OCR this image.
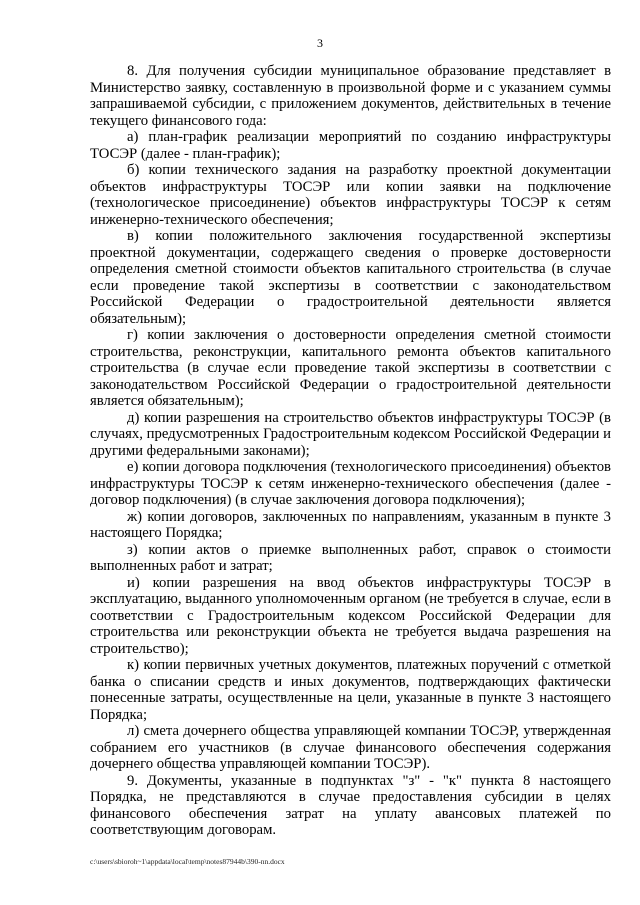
3

8. Для получения субсидии муниципальное образование представляет в Министерство заявку, составленную в произвольной форме и с указанием суммы запрашиваемой субсидии, с приложением документов, действительных в течение текущего финансового года:

а) план-график реализации мероприятий по созданию инфраструктуры ТОСЭР (далее - план-график);

б) копии технического задания на разработку проектной документации объектов инфраструктуры ТОСЭР или копии заявки на подключение (технологическое присоединение) объектов инфраструктуры ТОСЭР к сетям инженерно-технического обеспечения;

в) копии положительного заключения государственной экспертизы проектной документации, содержащего сведения о проверке достоверности определения сметной стоимости объектов капитального строительства (в случае если проведение такой экспертизы в соответствии с законодательством Российской Федерации о градостроительной деятельности является обязательным);

г) копии заключения о достоверности определения сметной стоимости строительства, реконструкции, капитального ремонта объектов капитального строительства (в случае если проведение такой экспертизы в соответствии с законодательством Российской Федерации о градостроительной деятельности является обязательным);

д) копии разрешения на строительство объектов инфраструктуры ТОСЭР (в случаях, предусмотренных Градостроительным кодексом Российской Федерации и другими федеральными законами);

е) копии договора подключения (технологического присоединения) объектов инфраструктуры ТОСЭР к сетям инженерно-технического обеспечения (далее - договор подключения) (в случае заключения договора подключения);

ж) копии договоров, заключенных по направлениям, указанным в пункте 3 настоящего Порядка;

з) копии актов о приемке выполненных работ, справок о стоимости выполненных работ и затрат;

и) копии разрешения на ввод объектов инфраструктуры ТОСЭР в эксплуатацию, выданного уполномоченным органом (не требуется в случае, если в соответствии с Градостроительным кодексом Российской Федерации для строительства или реконструкции объекта не требуется выдача разрешения на строительство);

к) копии первичных учетных документов, платежных поручений с отметкой банка о списании средств и иных документов, подтверждающих фактически понесенные затраты, осуществленные на цели, указанные в пункте 3 настоящего Порядка;

л) смета дочернего общества управляющей компании ТОСЭР, утвержденная собранием его участников (в случае финансового обеспечения содержания дочернего общества управляющей компании ТОСЭР).

9. Документы, указанные в подпунктах "з" - "к" пункта 8 настоящего Порядка, не представляются в случае предоставления субсидии в целях финансового обеспечения затрат на уплату авансовых платежей по соответствующим договорам.

c:\users\sbioroh~1\appdata\local\temp\notes87944b\390-nn.docx
